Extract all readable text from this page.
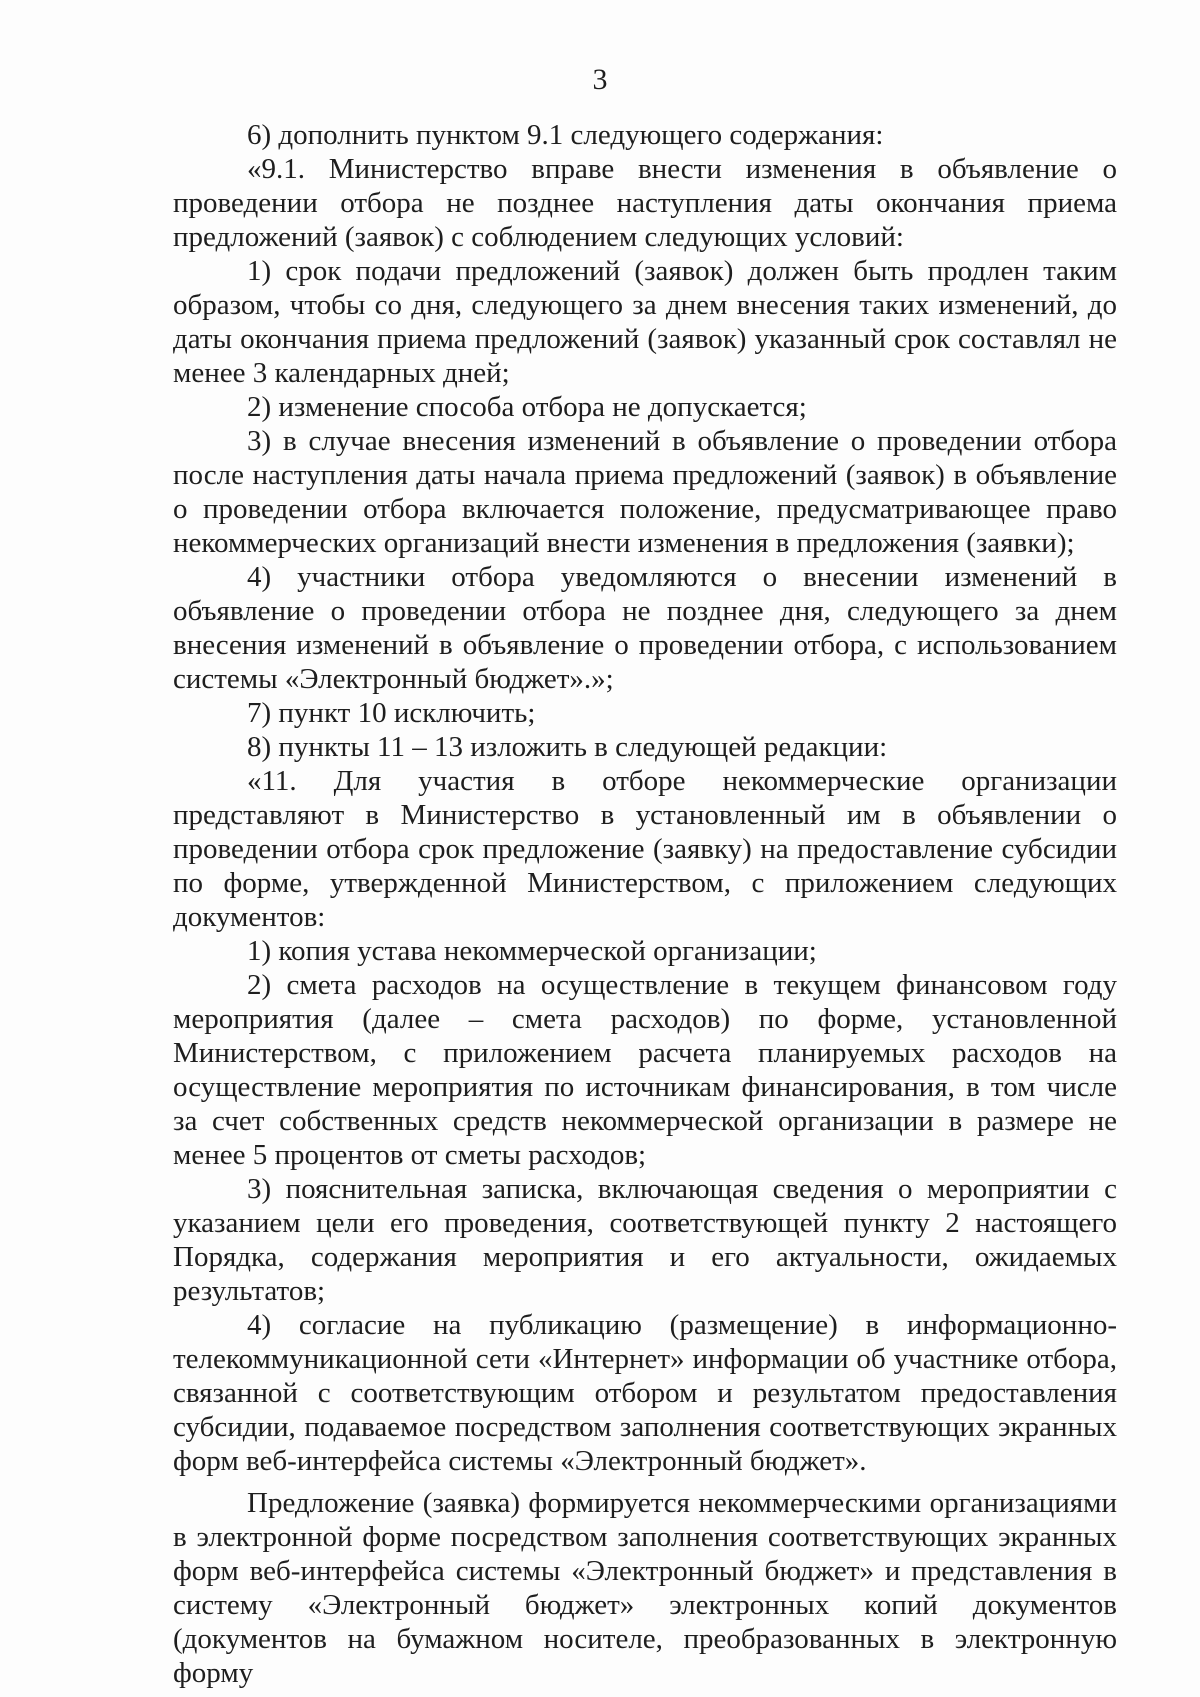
3

6) дополнить пунктом 9.1 следующего содержания:

«9.1. Министерство вправе внести изменения в объявление о проведении отбора не позднее наступления даты окончания приема предложений (заявок) с соблюдением следующих условий:

1) срок подачи предложений (заявок) должен быть продлен таким образом, чтобы со дня, следующего за днем внесения таких изменений, до даты окончания приема предложений (заявок) указанный срок составлял не менее 3 календарных дней;

2) изменение способа отбора не допускается;

3) в случае внесения изменений в объявление о проведении отбора после наступления даты начала приема предложений (заявок) в объявление о проведении отбора включается положение, предусматривающее право некоммерческих организаций внести изменения в предложения (заявки);

4) участники отбора уведомляются о внесении изменений в объявление о проведении отбора не позднее дня, следующего за днем внесения изменений в объявление о проведении отбора, с использованием системы «Электронный бюджет».»;

7) пункт 10 исключить;

8) пункты 11 – 13 изложить в следующей редакции:

«11. Для участия в отборе некоммерческие организации представляют в Министерство в установленный им в объявлении о проведении отбора срок предложение (заявку) на предоставление субсидии по форме, утвержденной Министерством, с приложением следующих документов:

1) копия устава некоммерческой организации;

2) смета расходов на осуществление в текущем финансовом году мероприятия (далее – смета расходов) по форме, установленной Министерством, с приложением расчета планируемых расходов на осуществление мероприятия по источникам финансирования, в том числе за счет собственных средств некоммерческой организации в размере не менее 5 процентов от сметы расходов;

3) пояснительная записка, включающая сведения о мероприятии с указанием цели его проведения, соответствующей пункту 2 настоящего Порядка, содержания мероприятия и его актуальности, ожидаемых результатов;

4) согласие на публикацию (размещение) в информационно-телекоммуникационной сети «Интернет» информации об участнике отбора, связанной с соответствующим отбором и результатом предоставления субсидии, подаваемое посредством заполнения соответствующих экранных форм веб-интерфейса системы «Электронный бюджет».

Предложение (заявка) формируется некоммерческими организациями в электронной форме посредством заполнения соответствующих экранных форм веб-интерфейса системы «Электронный бюджет» и представления в систему «Электронный бюджет» электронных копий документов (документов на бумажном носителе, преобразованных в электронную форму
